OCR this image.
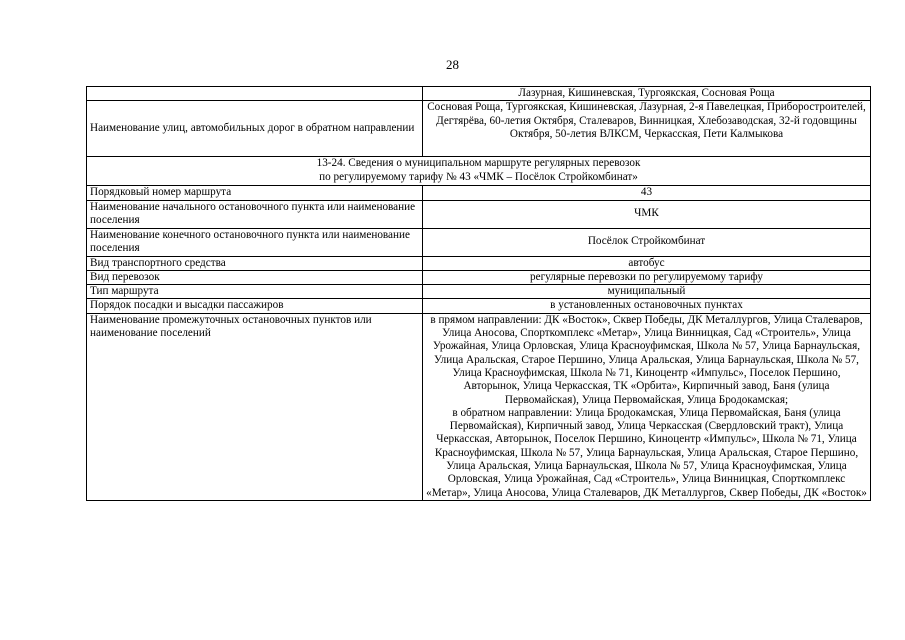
28
	Лазурная, Кишиневская, Тургоякская, Сосновая Роща
Наименование улиц, автомобильных дорог в обратном направлении	Сосновая Роща, Тургоякская, Кишиневская, Лазурная, 2-я Павелецкая, Приборостроителей, Дегтярёва, 60-летия Октября, Сталеваров, Винницкая, Хлебозаводская, 32-й годовщины Октября, 50-летия ВЛКСМ, Черкасская, Пети Калмыкова

13-24. Сведения о муниципальном маршруте регулярных перевозок
по регулируемому тарифу № 43 «ЧМК – Посёлок Стройкомбинат»	

Порядковый номер маршрута	43
Наименование начального остановочного пункта или наименование поселения	ЧМК
Наименование конечного остановочного пункта или наименование поселения	Посёлок Стройкомбинат
Вид транспортного средства	автобус
Вид перевозок	регулярные перевозки по регулируемому тарифу
Тип маршрута	муниципальный
Порядок посадки и высадки пассажиров	в установленных остановочных пунктах
Наименование промежуточных остановочных пунктов или наименование поселений	в прямом направлении: ДК «Восток», Сквер Победы, ДК Металлургов, Улица Сталеваров, Улица Аносова, Спорткомплекс «Метар», Улица Винницкая, Сад «Строитель», Улица Урожайная, Улица Орловская, Улица Красноуфимская, Школа № 57, Улица Барнаульская, Улица Аральская, Старое Першино, Улица Аральская, Улица Барнаульская, Школа № 57, Улица Красноуфимская, Школа № 71, Киноцентр «Импульс», Поселок Першино, Авторынок, Улица Черкасская, ТК «Орбита», Кирпичный завод, Баня (улица Первомайская), Улица Первомайская, Улица Бродокамская;
в обратном направлении: Улица Бродокамская, Улица Первомайская, Баня (улица Первомайская), Кирпичный завод, Улица Черкасская (Свердловский тракт), Улица Черкасская, Авторынок, Поселок Першино, Киноцентр «Импульс», Школа № 71, Улица Красноуфимская, Школа № 57, Улица Барнаульская, Улица Аральская, Старое Першино, Улица Аральская, Улица Барнаульская, Школа № 57, Улица Красноуфимская, Улица Орловская, Улица Урожайная, Сад «Строитель», Улица Винницкая, Спорткомплекс «Метар», Улица Аносова, Улица Сталеваров, ДК Металлургов, Сквер Победы, ДК «Восток»
